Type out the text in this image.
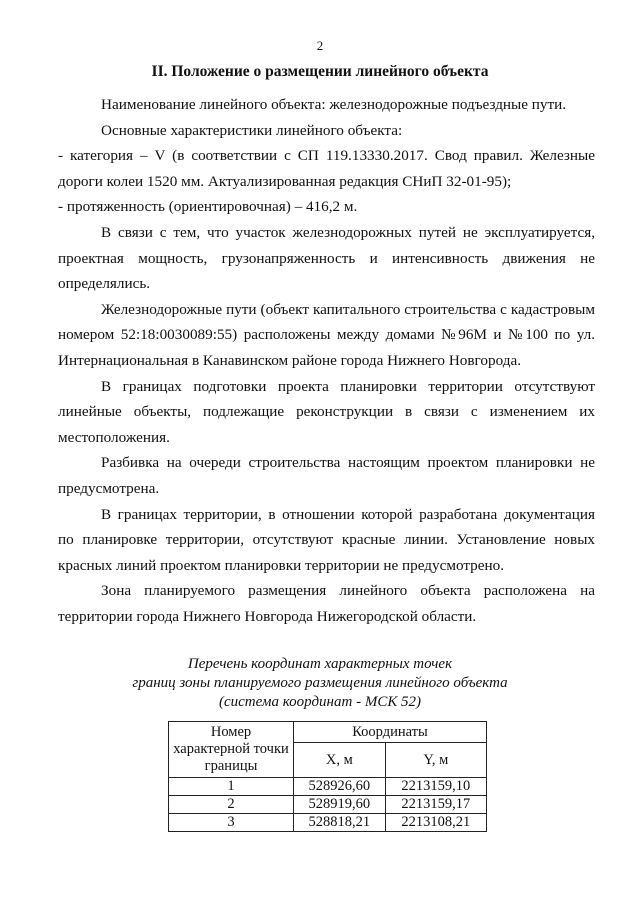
2
II. Положение о размещении линейного объекта

Наименование линейного объекта: железнодорожные подъездные пути.

Основные характеристики линейного объекта:

- категория – V (в соответствии с СП 119.13330.2017. Свод правил. Железные дороги колеи 1520 мм. Актуализированная редакция СНиП 32-01-95);

- протяженность (ориентировочная) – 416,2 м.

В связи с тем, что участок железнодорожных путей не эксплуатируется, проектная мощность, грузонапряженность и интенсивность движения не определялись.

Железнодорожные пути (объект капитального строительства с кадастровым номером 52:18:0030089:55) расположены между домами №96М и №100 по ул. Интернациональная в Канавинском районе города Нижнего Новгорода.

В границах подготовки проекта планировки территории отсутствуют линейные объекты, подлежащие реконструкции в связи с изменением их местоположения.

Разбивка на очереди строительства настоящим проектом планировки не предусмотрена.

В границах территории, в отношении которой разработана документация по планировке территории, отсутствуют красные линии. Установление новых красных линий проектом планировки территории не предусмотрено.

Зона планируемого размещения линейного объекта расположена на территории города Нижнего Новгорода Нижегородской области.

Перечень координат характерных точек
границ зоны планируемого размещения линейного объекта
(система координат - МСК 52)
Номер характерной точки границы	Координаты	
	X, м	Y, м
1	528926,60	2213159,10
2	528919,60	2213159,17
3	528818,21	2213108,21
